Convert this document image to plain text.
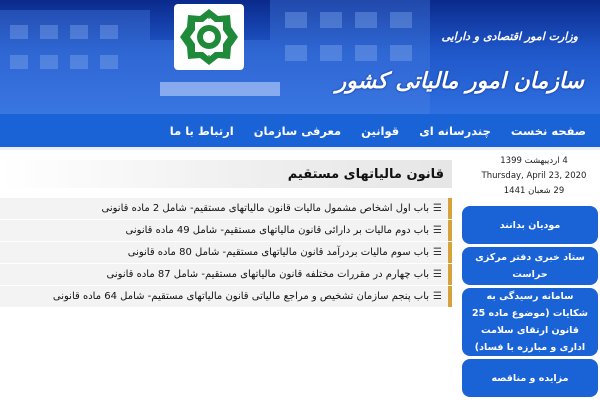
وزارت امور اقتصادی و دارایی
سازمان امور مالیاتی کشور
صفحه نخست
چندرسانه ای
قوانین
معرفی سازمان
ارتباط با ما
4 اردیبهشت 1399
Thursday, April 23, 2020
29 شعبان 1441
مودیان بدانند
ستاد خبری دفتر مرکزی حراست
سامانه رسیدگی به شکایات (موضوع ماده 25 قانون ارتقای سلامت اداری و مبارزه با فساد)
مزایده و مناقصه
قانون مالیاتهای مستقیم
☰
باب اول اشخاص مشمول مالیات قانون مالیاتهای مستقیم- شامل 2 ماده قانونی
☰
باب دوم مالیات بر دارائی قانون مالیاتهای مستقیم- شامل 49 ماده قانونی
☰
باب سوم مالیات بردرآمد قانون مالیاتهای مستقیم- شامل 80 ماده قانونی
☰
باب چهارم در مقررات مختلفه قانون مالیاتهای مستقیم- شامل 87 ماده قانونی
☰
باب پنجم سازمان تشخیص و مراجع مالیاتی قانون مالیاتهای مستقیم- شامل 64 ماده قانونی
